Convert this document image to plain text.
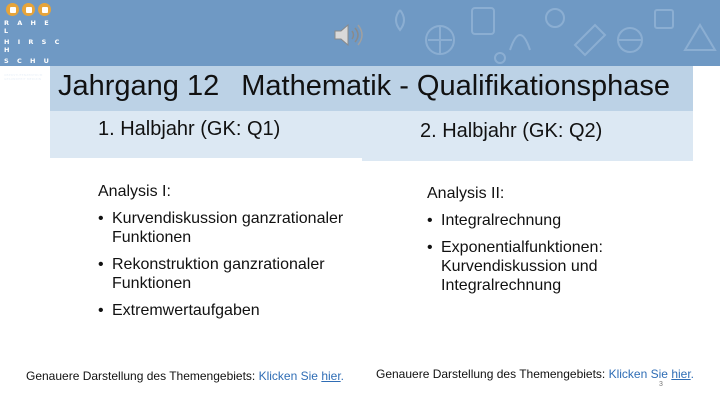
R A H E L
H I R S C H
S C H U L E
OBERSTUFENZENTRUM GESUNDHEIT MEDIZIN Jahrgang 12 Mathematik - Qualifikationsphase
1. Halbjahr (GK: Q1)	2. Halbjahr (GK: Q2)
Analysis I:
• Kurvendiskussion ganzrationaler Funktionen
• Rekonstruktion ganzrationaler Funktionen
• Extremwertaufgaben
Analysis II:
• Integralrechnung
• Exponentialfunktionen: Kurvendiskussion und Integralrechnung
Genauere Darstellung des Themengebiets: Klicken Sie hier.	Genauere Darstellung des Themengebiets: Klicken Sie hier.
3
